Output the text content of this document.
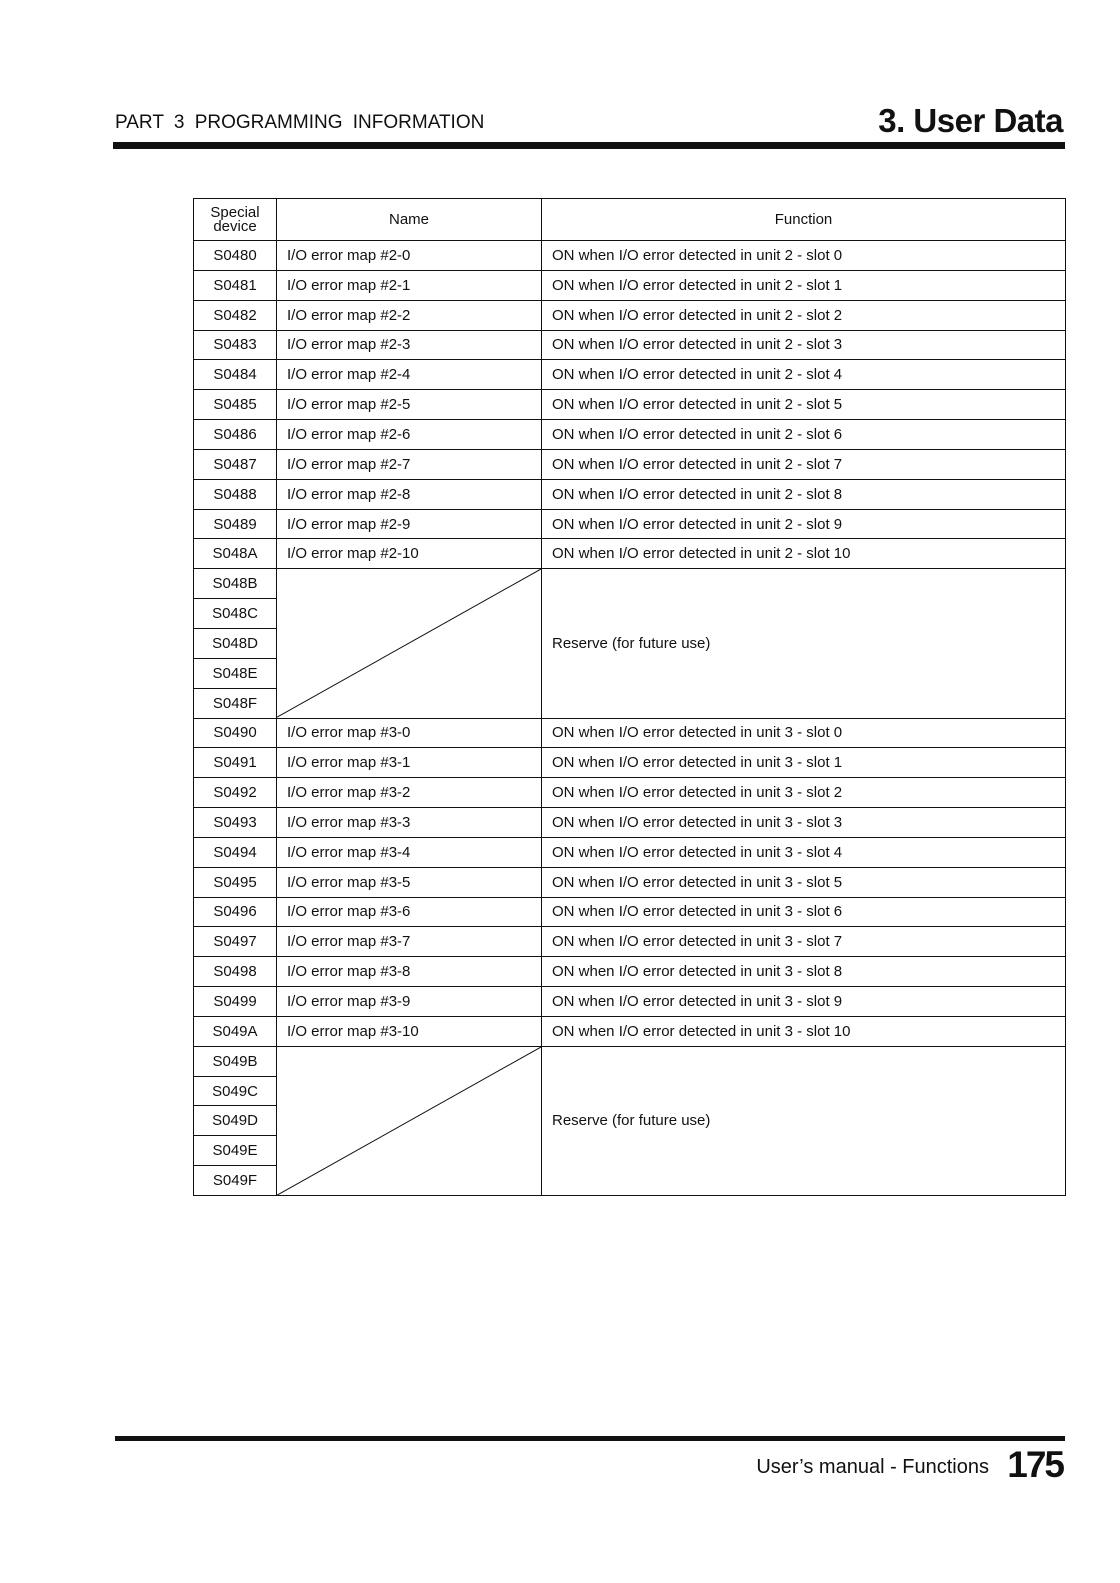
PART 3 PROGRAMMING INFORMATION	3. User Data
Special device	Name	Function
S0480	I/O error map #2-0	ON when I/O error detected in unit 2 - slot 0
S0481	I/O error map #2-1	ON when I/O error detected in unit 2 - slot 1
S0482	I/O error map #2-2	ON when I/O error detected in unit 2 - slot 2
S0483	I/O error map #2-3	ON when I/O error detected in unit 2 - slot 3
S0484	I/O error map #2-4	ON when I/O error detected in unit 2 - slot 4
S0485	I/O error map #2-5	ON when I/O error detected in unit 2 - slot 5
S0486	I/O error map #2-6	ON when I/O error detected in unit 2 - slot 6
S0487	I/O error map #2-7	ON when I/O error detected in unit 2 - slot 7
S0488	I/O error map #2-8	ON when I/O error detected in unit 2 - slot 8
S0489	I/O error map #2-9	ON when I/O error detected in unit 2 - slot 9
S048A	I/O error map #2-10	ON when I/O error detected in unit 2 - slot 10
S048B		Reserve (for future use)
S048C		
S048D		
S048E		
S048F		
S0490	I/O error map #3-0	ON when I/O error detected in unit 3 - slot 0
S0491	I/O error map #3-1	ON when I/O error detected in unit 3 - slot 1
S0492	I/O error map #3-2	ON when I/O error detected in unit 3 - slot 2
S0493	I/O error map #3-3	ON when I/O error detected in unit 3 - slot 3
S0494	I/O error map #3-4	ON when I/O error detected in unit 3 - slot 4
S0495	I/O error map #3-5	ON when I/O error detected in unit 3 - slot 5
S0496	I/O error map #3-6	ON when I/O error detected in unit 3 - slot 6
S0497	I/O error map #3-7	ON when I/O error detected in unit 3 - slot 7
S0498	I/O error map #3-8	ON when I/O error detected in unit 3 - slot 8
S0499	I/O error map #3-9	ON when I/O error detected in unit 3 - slot 9
S049A	I/O error map #3-10	ON when I/O error detected in unit 3 - slot 10
S049B		Reserve (for future use)
S049C		
S049D		
S049E		
S049F		
User’s manual - Functions 175
